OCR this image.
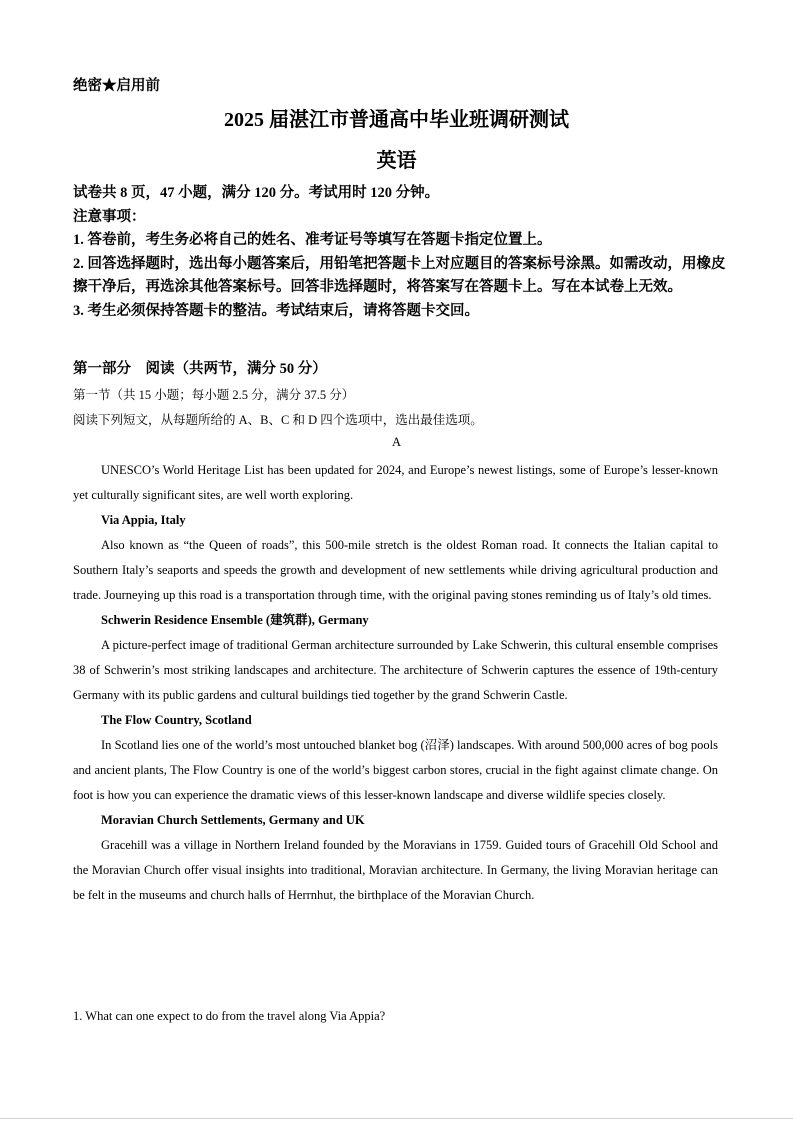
绝密★启用前
2025 届湛江市普通高中毕业班调研测试
英语

试卷共 8 页，47 小题，满分 120 分。考试用时 120 分钟。

注意事项：

1. 答卷前，考生务必将自己的姓名、准考证号等填写在答题卡指定位置上。

2. 回答选择题时，选出每小题答案后，用铅笔把答题卡上对应题目的答案标号涂黑。如需改动，用橡皮擦干净后，再选涂其他答案标号。回答非选择题时，将答案写在答题卡上。写在本试卷上无效。

3. 考生必须保持答题卡的整洁。考试结束后，请将答题卡交回。

第一部分　阅读（共两节，满分 50 分）
第一节（共 15 小题；每小题 2.5 分，满分 37.5 分）
阅读下列短文，从每题所给的 A、B、C 和 D 四个选项中，选出最佳选项。
A

UNESCO’s World Heritage List has been updated for 2024, and Europe’s newest listings, some of Europe’s lesser-known yet culturally significant sites, are well worth exploring.

Via Appia, Italy

Also known as “the Queen of roads”, this 500-mile stretch is the oldest Roman road. It connects the Italian capital to Southern Italy’s seaports and speeds the growth and development of new settlements while driving agricultural production and trade. Journeying up this road is a transportation through time, with the original paving stones reminding us of Italy’s old times.

Schwerin Residence Ensemble (建筑群), Germany

A picture-perfect image of traditional German architecture surrounded by Lake Schwerin, this cultural ensemble comprises 38 of Schwerin’s most striking landscapes and architecture. The architecture of Schwerin captures the essence of 19th-century Germany with its public gardens and cultural buildings tied together by the grand Schwerin Castle.

The Flow Country, Scotland

In Scotland lies one of the world’s most untouched blanket bog (沼泽) landscapes. With around 500,000 acres of bog pools and ancient plants, The Flow Country is one of the world’s biggest carbon stores, crucial in the fight against climate change. On foot is how you can experience the dramatic views of this lesser-known landscape and diverse wildlife species closely.

Moravian Church Settlements, Germany and UK

Gracehill was a village in Northern Ireland founded by the Moravians in 1759. Guided tours of Gracehill Old School and the Moravian Church offer visual insights into traditional, Moravian architecture. In Germany, the living Moravian heritage can be felt in the museums and church halls of Herrnhut, the birthplace of the Moravian Church.

1. What can one expect to do from the travel along Via Appia?
